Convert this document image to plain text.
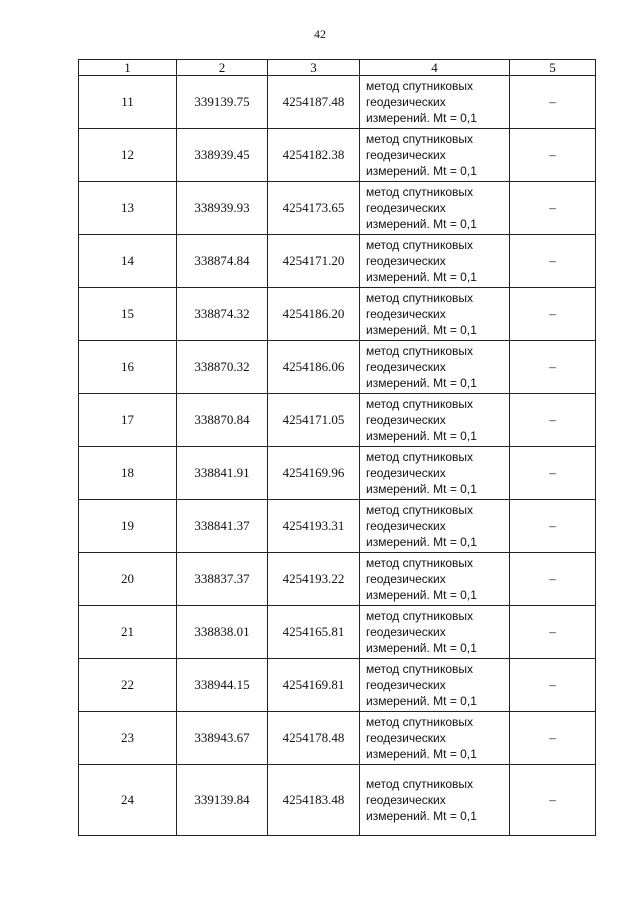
42
1	2	3	4	5
11	339139.75	4254187.48	метод спутниковых
геодезических
измерений. Mt = 0,1	–
12	338939.45	4254182.38	метод спутниковых
геодезических
измерений. Mt = 0,1	–
13	338939.93	4254173.65	метод спутниковых
геодезических
измерений. Mt = 0,1	–
14	338874.84	4254171.20	метод спутниковых
геодезических
измерений. Mt = 0,1	–
15	338874.32	4254186.20	метод спутниковых
геодезических
измерений. Mt = 0,1	–
16	338870.32	4254186.06	метод спутниковых
геодезических
измерений. Mt = 0,1	–
17	338870.84	4254171.05	метод спутниковых
геодезических
измерений. Mt = 0,1	–
18	338841.91	4254169.96	метод спутниковых
геодезических
измерений. Mt = 0,1	–
19	338841.37	4254193.31	метод спутниковых
геодезических
измерений. Mt = 0,1	–
20	338837.37	4254193.22	метод спутниковых
геодезических
измерений. Mt = 0,1	–
21	338838.01	4254165.81	метод спутниковых
геодезических
измерений. Mt = 0,1	–
22	338944.15	4254169.81	метод спутниковых
геодезических
измерений. Mt = 0,1	–
23	338943.67	4254178.48	метод спутниковых
геодезических
измерений. Mt = 0,1	–
24	339139.84	4254183.48	метод спутниковых
геодезических
измерений. Mt = 0,1	–
